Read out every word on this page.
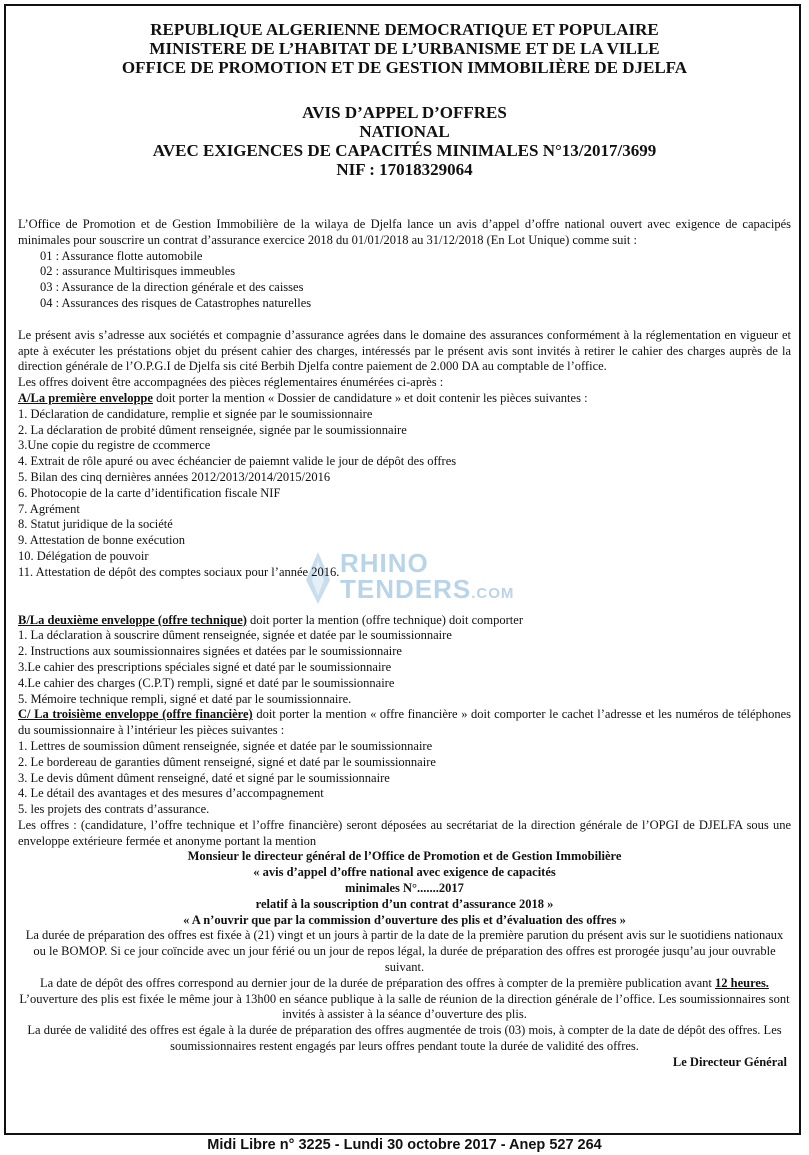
REPUBLIQUE ALGERIENNE DEMOCRATIQUE ET POPULAIRE
MINISTERE DE L’HABITAT DE L’URBANISME ET DE LA VILLE
OFFICE DE PROMOTION ET DE GESTION IMMOBILIÈRE DE DJELFA
AVIS D’APPEL D’OFFRES
NATIONAL
AVEC EXIGENCES DE CAPACITÉS MINIMALES N°13/2017/3699
NIF : 17018329064
RHINO
TENDERS.COM

L’Office de Promotion et de Gestion Immobilière de la wilaya de Djelfa lance un avis d’appel d’offre national ouvert avec exigence de capacipés minimales pour souscrire un contrat d’assurance exercice 2018 du 01/01/2018 au 31/12/2018 (En Lot Unique) comme suit :

01 : Assurance flotte automobile

02 : assurance Multirisques immeubles

03 : Assurance de la direction générale et des caisses

04 : Assurances des risques de Catastrophes naturelles

Le présent avis s’adresse aux sociétés et compagnie d’assurance agrées dans le domaine des assurances conformément à la réglementation en vigueur et apte à exécuter les préstations objet du présent cahier des charges, intéressés par le présent avis sont invités à retirer le cahier des charges auprès de la direction générale de l’O.P.G.I de Djelfa sis cité Berbih Djelfa contre paiement de 2.000 DA au comptable de l’office.

Les offres doivent être accompagnées des pièces réglementaires énumérées ci-après :

A/La première enveloppe doit porter la mention « Dossier de candidature » et doit contenir les pièces suivantes :

1. Déclaration de candidature, remplie et signée par le soumissionnaire

2. La déclaration de probité dûment renseignée, signée par le soumissionnaire

3.Une copie du registre de ccommerce

4. Extrait de rôle apuré ou avec échéancier de paiemnt valide le jour de dépôt des offres

5. Bilan des cinq dernières années 2012/2013/2014/2015/2016

6. Photocopie de la carte d’identification fiscale NIF

7. Agrément

8. Statut juridique de la société

9. Attestation de bonne exécution

10. Délégation de pouvoir

11. Attestation de dépôt des comptes sociaux pour l’année 2016.

B/La deuxième enveloppe (offre technique) doit porter la mention (offre technique) doit comporter

1. La déclaration à souscrire dûment renseignée, signée et datée par le soumissionnaire

2. Instructions aux soumissionnaires signées et datées par le soumissionnaire

3.Le cahier des prescriptions spéciales signé et daté par le soumissionnaire

4.Le cahier des charges (C.P.T) rempli, signé et daté par le soumissionnaire

5. Mémoire technique rempli, signé et daté par le soumissionnaire.

C/ La troisième enveloppe (offre financière) doit porter la mention « offre financière » doit comporter le cachet l’adresse et les numéros de téléphones du soumissionnaire à l’intérieur les pièces suivantes :

1. Lettres de soumission dûment renseignée, signée et datée par le soumissionnaire

2. Le bordereau de garanties dûment renseigné, signé et daté par le soumissionnaire

3. Le devis dûment dûment renseigné, daté et signé par le soumissionnaire

4. Le détail des avantages et des mesures d’accompagnement

5. les projets des contrats d’assurance.

Les offres : (candidature, l’offre technique et l’offre financière) seront déposées au secrétariat de la direction générale de l’OPGI de DJELFA sous une enveloppe extérieure fermée et anonyme portant la mention

Monsieur le directeur général de l’Office de Promotion et de Gestion Immobilière

« avis d’appel d’offre national avec exigence de capacités

minimales N°.......2017

relatif à la souscription d’un contrat d’assurance 2018 »

« A n’ouvrir que par la commission d’ouverture des plis et d’évaluation des offres »

La durée de préparation des offres est fixée à (21) vingt et un jours à partir de la date de la première parution du présent avis sur le suotidiens nationaux ou le BOMOP. Si ce jour coïncide avec un jour férié ou un jour de repos légal, la durée de préparation des offres est prorogée jusqu’au jour ouvrable suivant.

La date de dépôt des offres correspond au dernier jour de la durée de préparation des offres à compter de la première publication avant 12 heures.

L’ouverture des plis est fixée le même jour à 13h00 en séance publique à la salle de réunion de la direction générale de l’office. Les soumissionnaires sont invités à assister à la séance d’ouverture des plis.

La durée de validité des offres est égale à la durée de préparation des offres augmentée de trois (03) mois, à compter de la date de dépôt des offres. Les soumissionnaires restent engagés par leurs offres pendant toute la durée de validité des offres.

Le Directeur Général

Midi Libre n° 3225 - Lundi 30 octobre 2017 - Anep 527 264
